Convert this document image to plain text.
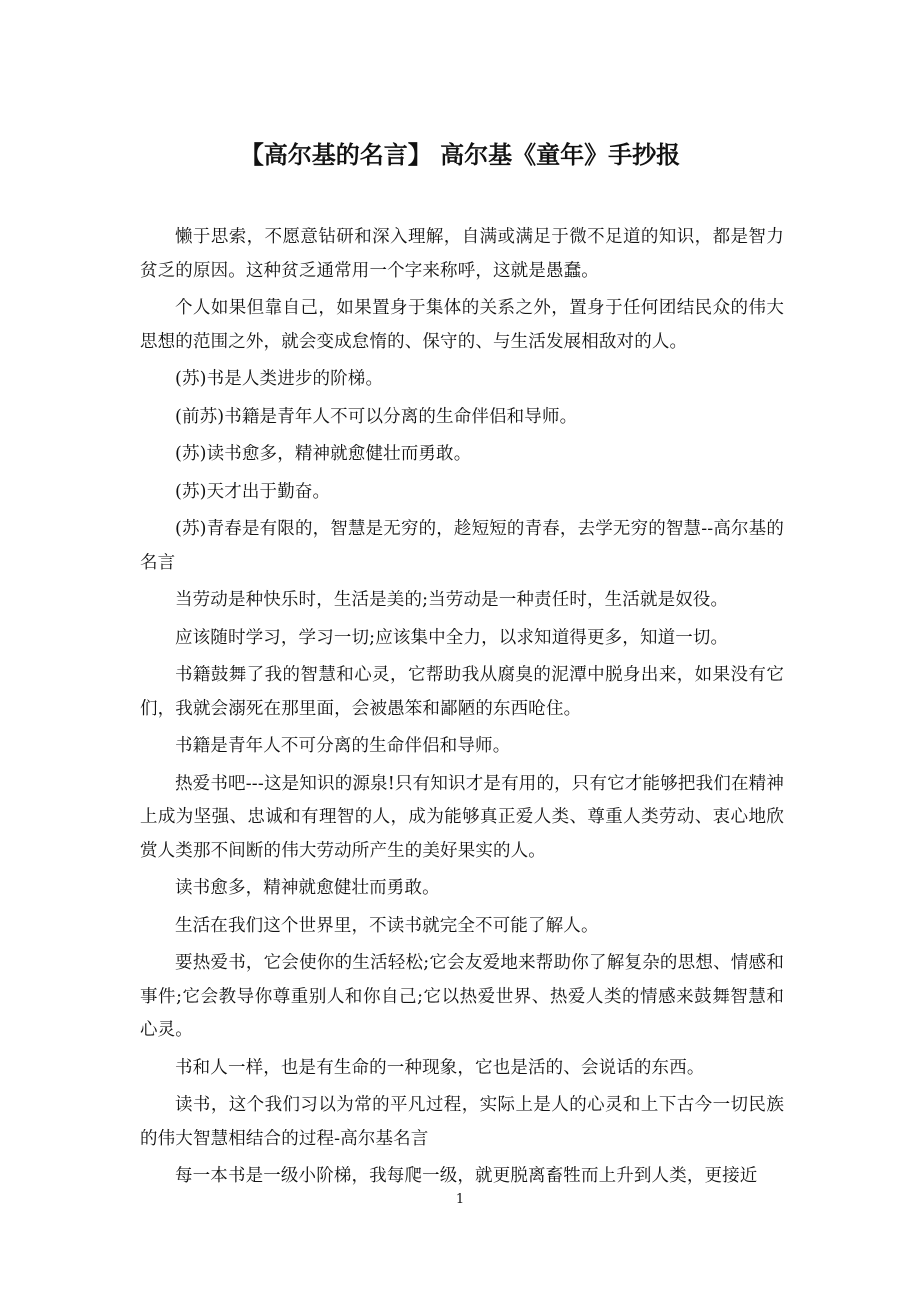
【高尔基的名言】 高尔基《童年》手抄报

懒于思索，不愿意钻研和深入理解，自满或满足于微不足道的知识，都是智力贫乏的原因。这种贫乏通常用一个字来称呼，这就是愚蠢。

个人如果但靠自己，如果置身于集体的关系之外，置身于任何团结民众的伟大思想的范围之外，就会变成怠惰的、保守的、与生活发展相敌对的人。

(苏)书是人类进步的阶梯。

(前苏)书籍是青年人不可以分离的生命伴侣和导师。

(苏)读书愈多，精神就愈健壮而勇敢。

(苏)天才出于勤奋。

(苏)青春是有限的，智慧是无穷的，趁短短的青春，去学无穷的智慧--高尔基的名言

当劳动是种快乐时，生活是美的;当劳动是一种责任时，生活就是奴役。

应该随时学习，学习一切;应该集中全力，以求知道得更多，知道一切。

书籍鼓舞了我的智慧和心灵，它帮助我从腐臭的泥潭中脱身出来，如果没有它们，我就会溺死在那里面，会被愚笨和鄙陋的东西呛住。

书籍是青年人不可分离的生命伴侣和导师。

热爱书吧---这是知识的源泉!只有知识才是有用的，只有它才能够把我们在精神上成为坚强、忠诚和有理智的人，成为能够真正爱人类、尊重人类劳动、衷心地欣赏人类那不间断的伟大劳动所产生的美好果实的人。

读书愈多，精神就愈健壮而勇敢。

生活在我们这个世界里，不读书就完全不可能了解人。

要热爱书，它会使你的生活轻松;它会友爱地来帮助你了解复杂的思想、情感和事件;它会教导你尊重别人和你自己;它以热爱世界、热爱人类的情感来鼓舞智慧和心灵。

书和人一样，也是有生命的一种现象，它也是活的、会说话的东西。

读书，这个我们习以为常的平凡过程，实际上是人的心灵和上下古今一切民族的伟大智慧相结合的过程-高尔基名言

每一本书是一级小阶梯，我每爬一级，就更脱离畜牲而上升到人类，更接近

1
